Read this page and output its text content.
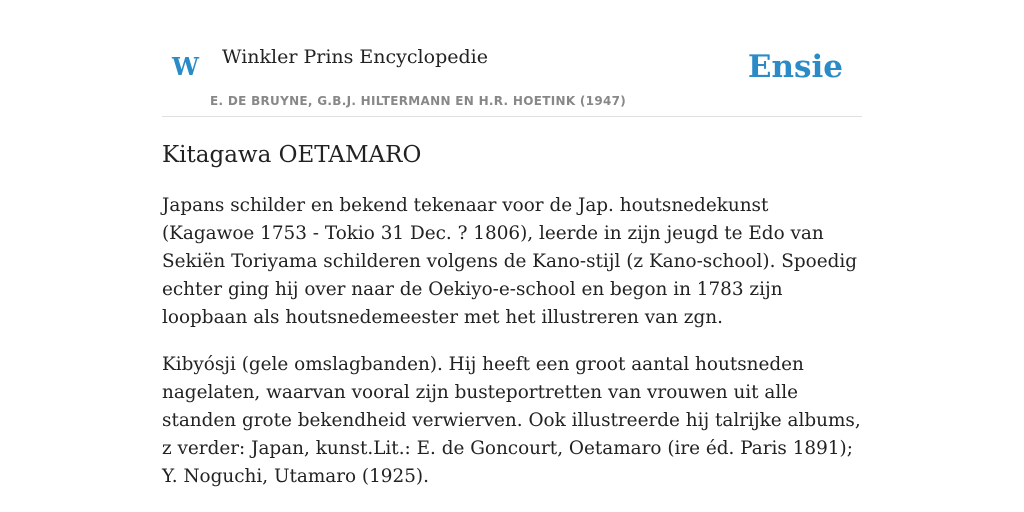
W Winkler Prins Encyclopedie
E. DE BRUYNE, G.B.J. HILTERMANN EN H.R. HOETINK (1947)
Ensie
Kitagawa OETAMARO

Japans schilder en bekend tekenaar voor de Jap. houtsnedekunst (Kagawoe 1753 - Tokio 31 Dec. ? 1806), leerde in zijn jeugd te Edo van Sekiën Toriyama schilderen volgens de Kano-stijl (z Kano-school). Spoedig echter ging hij over naar de Oekiyo-e-school en begon in 1783 zijn loopbaan als houtsnedemeester met het illustreren van zgn.

Kibyósji (gele omslagbanden). Hij heeft een groot aantal houtsneden nagelaten, waarvan vooral zijn busteportretten van vrouwen uit alle standen grote bekendheid verwierven. Ook illustreerde hij talrijke albums, z verder: Japan, kunst.Lit.: E. de Goncourt, Oetamaro (ire éd. Paris 1891); Y. Noguchi, Utamaro (1925).
